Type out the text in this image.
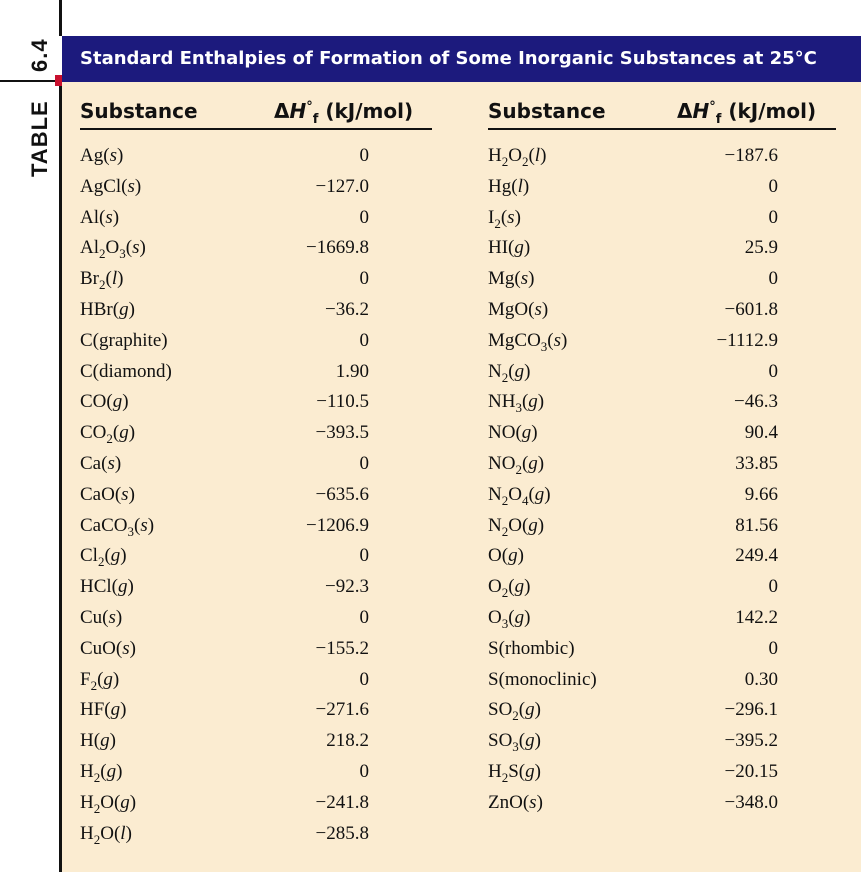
6.4
TABLE
Standard Enthalpies of Formation of Some Inorganic Substances at 25°C
Substance	$\Delta H^\circ_f$ (kJ/mol)	Substance	$\Delta H^\circ_f$ (kJ/mol)
Ag(s)	0	$H_2O_2(l)$	−187.6
AgCl(s)	−127.0	Hg(l)	0
Al(s)	0	$I_2(s)$	0
$Al_2O_3(s)$	−1669.8	HI(g)	25.9
$Br_2(l)$	0	Mg(s)	0
HBr(g)	−36.2	MgO(s)	−601.8
C(graphite)	0	MgCO$_3$(s)	−1112.9
C(diamond)	1.90	$N_2(g)$	0
CO(g)	−110.5	$NH_3(g)$	−46.3
$CO_2(g)$	−393.5	NO(g)	90.4
Ca(s)	0	$NO_2(g)$	33.85
CaO(s)	−635.6	$N_2O_4(g)$	9.66
CaCO$_3$(s)	−1206.9	$N_2O(g)$	81.56
$Cl_2(g)$	0	O(g)	249.4
HCl(g)	−92.3	$O_2(g)$	0
Cu(s)	0	$O_3(g)$	142.2
CuO(s)	−155.2	S(rhombic)	0
$F_2(g)$	0	S(monoclinic)	0.30
HF(g)	−271.6	$SO_2(g)$	−296.1
H(g)	218.2	$SO_3(g)$	−395.2
$H_2(g)$	0	$H_2S(g)$	−20.15
$H_2O(g)$	−241.8	ZnO(s)	−348.0
$H_2O(l)$	−285.8
